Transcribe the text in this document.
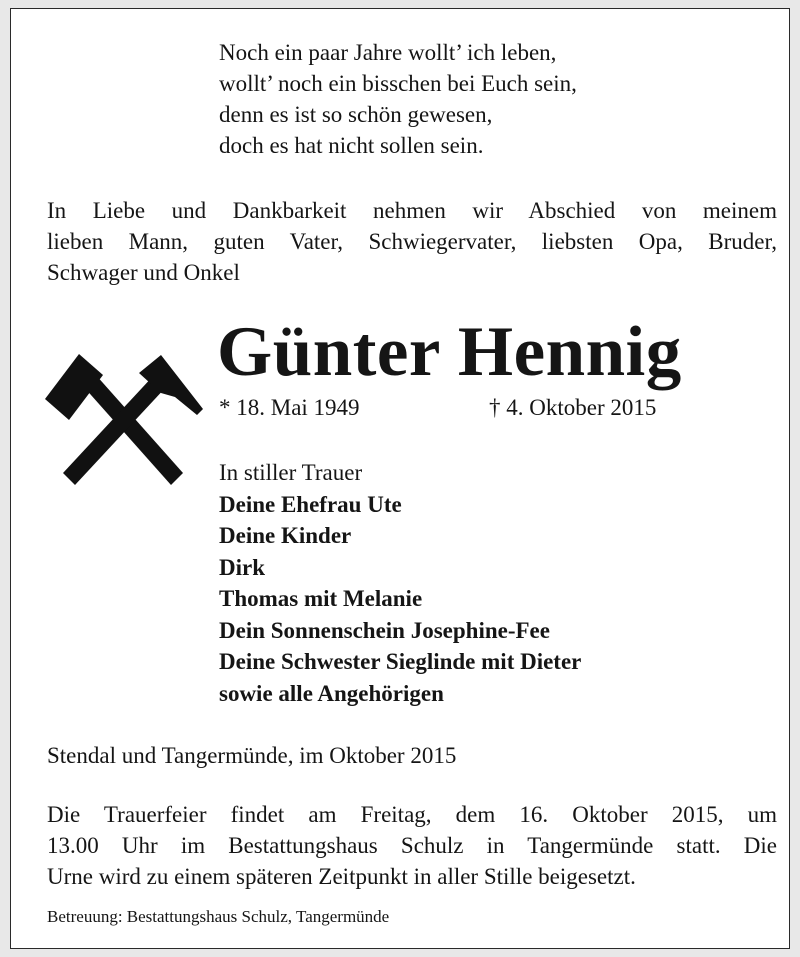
Noch ein paar Jahre wollt’ ich leben,
wollt’ noch ein bisschen bei Euch sein,
denn es ist so schön gewesen,
doch es hat nicht sollen sein.
In Liebe und Dankbarkeit nehmen wir Abschied von meinem
lieben Mann, guten Vater, Schwiegervater, liebsten Opa, Bruder,
Schwager und Onkel
Günter Hennig
* 18. Mai 1949	† 4. Oktober 2015
In stiller Trauer
Deine Ehefrau Ute
Deine Kinder
Dirk
Thomas mit Melanie
Dein Sonnenschein Josephine-Fee
Deine Schwester Sieglinde mit Dieter
sowie alle Angehörigen
Stendal und Tangermünde, im Oktober 2015
Die Trauerfeier findet am Freitag, dem 16. Oktober 2015, um
13.00 Uhr im Bestattungshaus Schulz in Tangermünde statt. Die
Urne wird zu einem späteren Zeitpunkt in aller Stille beigesetzt.
Betreuung: Bestattungshaus Schulz, Tangermünde
